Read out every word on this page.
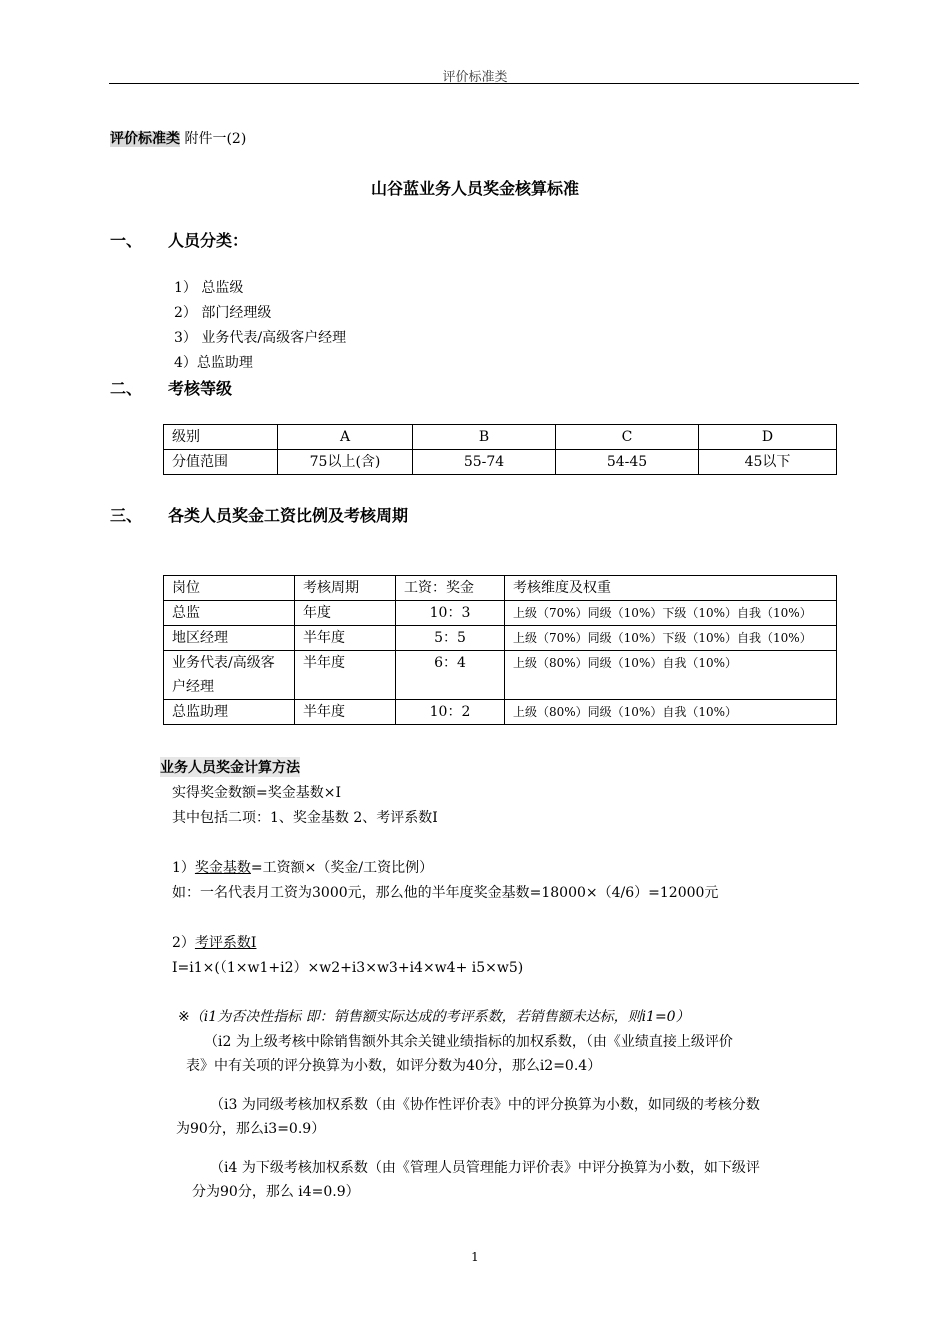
评价标准类
评价标准类 附件一(2)
山谷蓝业务人员奖金核算标准
一、 人员分类：
1） 总监级
2） 部门经理级
3） 业务代表/高级客户经理
4）总监助理
二、 考核等级
级别	A	B	C	D
分值范围	75以上(含)	55-74	54-45	45以下
三、 各类人员奖金工资比例及考核周期
岗位	考核周期	工资：奖金	考核维度及权重
总监	年度	10：3	上级（70%）同级（10%）下级（10%）自我（10%）
地区经理	半年度	5：5	上级（70%）同级（10%）下级（10%）自我（10%）
业务代表/高级客户经理	半年度	6：4	上级（80%）同级（10%）自我（10%）
总监助理	半年度	10：2	上级（80%）同级（10%）自我（10%）
业务人员奖金计算方法
实得奖金数额=奖金基数×I
其中包括二项：1、奖金基数 2、考评系数Ⅰ
1）奖金基数=工资额×（奖金/工资比例）
如：一名代表月工资为3000元，那么他的半年度奖金基数=18000×（4/6）=12000元
2）考评系数Ⅰ
I=i1×(（1×w1+i2）×w2+i3×w3+i4×w4+ i5×w5)
※（i1为否决性指标 即：销售额实际达成的考评系数，若销售额未达标，则i1=0）
（i2 为上级考核中除销售额外其余关键业绩指标的加权系数，（由《业绩直接上级评价
表》中有关项的评分换算为小数，如评分数为40分，那么i2=0.4）
（i3 为同级考核加权系数（由《协作性评价表》中的评分换算为小数，如同级的考核分数
为90分，那么i3=0.9）
（i4 为下级考核加权系数（由《管理人员管理能力评价表》中评分换算为小数，如下级评
分为90分，那么 i4=0.9）
1
